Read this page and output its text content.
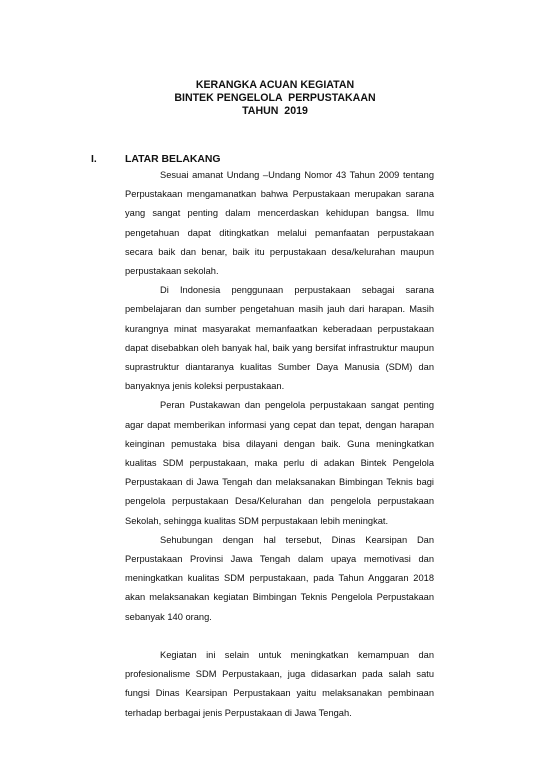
KERANGKA ACUAN KEGIATAN
BINTEK PENGELOLA  PERPUSTAKAAN
TAHUN  2019
I.	LATAR BELAKANG

Sesuai amanat Undang –Undang Nomor 43 Tahun 2009 tentang Perpustakaan mengamanatkan bahwa Perpustakaan merupakan sarana yang sangat penting dalam mencerdaskan kehidupan bangsa. Ilmu pengetahuan dapat ditingkatkan melalui pemanfaatan perpustakaan secara baik dan benar, baik itu perpustakaan desa/kelurahan maupun perpustakaan sekolah.

Di Indonesia penggunaan perpustakaan sebagai sarana pembelajaran dan sumber pengetahuan masih jauh dari harapan. Masih kurangnya minat masyarakat memanfaatkan keberadaan perpustakaan dapat disebabkan oleh banyak hal, baik yang bersifat infrastruktur maupun suprastruktur diantaranya kualitas Sumber Daya Manusia (SDM) dan banyaknya jenis koleksi perpustakaan.

Peran Pustakawan dan pengelola perpustakaan sangat penting agar dapat memberikan informasi yang cepat dan tepat, dengan harapan keinginan pemustaka bisa dilayani dengan baik. Guna meningkatkan kualitas SDM perpustakaan, maka perlu di adakan Bintek Pengelola Perpustakaan di Jawa Tengah dan melaksanakan Bimbingan Teknis bagi pengelola perpustakaan Desa/Kelurahan dan pengelola perpustakaan Sekolah, sehingga kualitas SDM perpustakaan lebih meningkat.

Sehubungan dengan hal tersebut, Dinas Kearsipan Dan Perpustakaan Provinsi Jawa Tengah dalam upaya memotivasi dan meningkatkan kualitas SDM perpustakaan, pada Tahun Anggaran 2018 akan melaksanakan kegiatan Bimbingan Teknis Pengelola Perpustakaan sebanyak 140 orang.

Kegiatan ini selain untuk meningkatkan kemampuan dan profesionalisme SDM Perpustakaan, juga didasarkan pada salah satu fungsi Dinas Kearsipan Perpustakaan yaitu melaksanakan pembinaan terhadap berbagai jenis Perpustakaan di Jawa Tengah.
